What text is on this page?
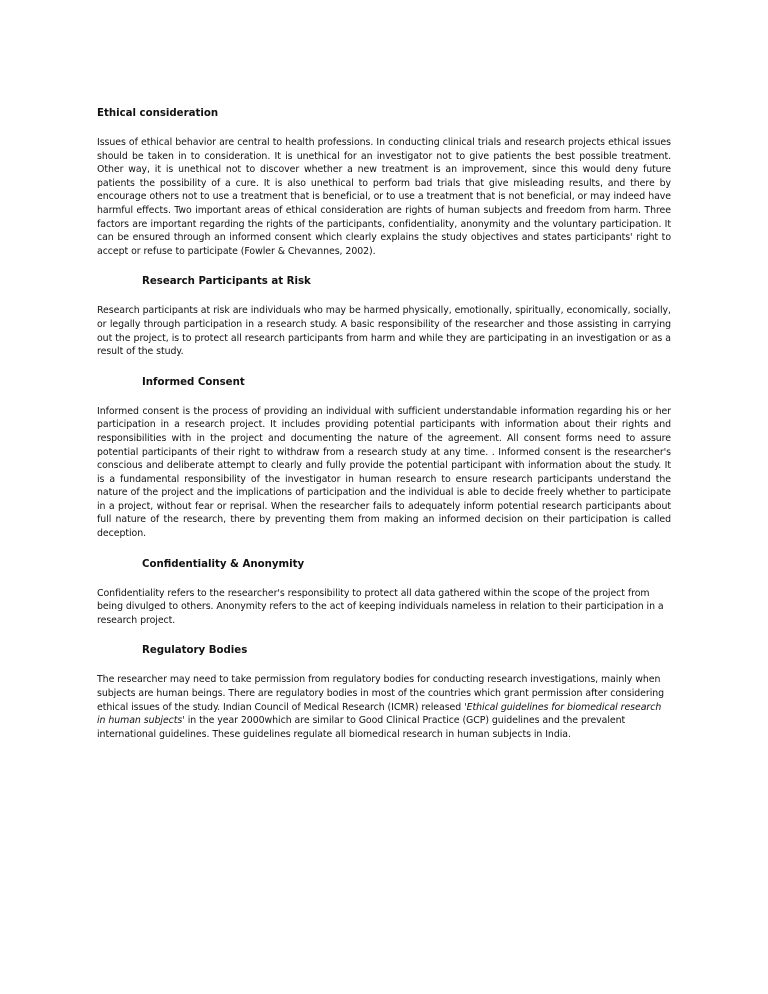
Ethical consideration

Issues of ethical behavior are central to health professions. In conducting clinical trials and research projects ethical issues should be taken in to consideration. It is unethical for an investigator not to give patients the best possible treatment. Other way, it is unethical not to discover whether a new treatment is an improvement, since this would deny future patients the possibility of a cure. It is also unethical to perform bad trials that give misleading results, and there by encourage others not to use a treatment that is beneficial, or to use a treatment that is not beneficial, or may indeed have harmful effects. Two important areas of ethical consideration are rights of human subjects and freedom from harm. Three factors are important regarding the rights of the participants, confidentiality, anonymity and the voluntary participation. It can be ensured through an informed consent which clearly explains the study objectives and states participants' right to accept or refuse to participate (Fowler & Chevannes, 2002).

Research Participants at Risk

Research participants at risk are individuals who may be harmed physically, emotionally, spiritually, economically, socially, or legally through participation in a research study. A basic responsibility of the researcher and those assisting in carrying out the project, is to protect all research participants from harm and while they are participating in an investigation or as a result of the study.

Informed Consent

Informed consent is the process of providing an individual with sufficient understandable information regarding his or her participation in a research project. It includes providing potential participants with information about their rights and responsibilities with in the project and documenting the nature of the agreement. All consent forms need to assure potential participants of their right to withdraw from a research study at any time. . Informed consent is the researcher's conscious and deliberate attempt to clearly and fully provide the potential participant with information about the study. It is a fundamental responsibility of the investigator in human research to ensure research participants understand the nature of the project and the implications of participation and the individual is able to decide freely whether to participate in a project, without fear or reprisal. When the researcher fails to adequately inform potential research participants about full nature of the research, there by preventing them from making an informed decision on their participation is called deception.

Confidentiality & Anonymity

Confidentiality refers to the researcher's responsibility to protect all data gathered within the scope of the project from being divulged to others. Anonymity refers to the act of keeping individuals nameless in relation to their participation in a research project.

Regulatory Bodies

The researcher may need to take permission from regulatory bodies for conducting research investigations, mainly when subjects are human beings. There are regulatory bodies in most of the countries which grant permission after considering ethical issues of the study. Indian Council of Medical Research (ICMR) released 'Ethical guidelines for biomedical research in human subjects' in the year 2000which are similar to Good Clinical Practice (GCP) guidelines and the prevalent international guidelines. These guidelines regulate all biomedical research in human subjects in India.
